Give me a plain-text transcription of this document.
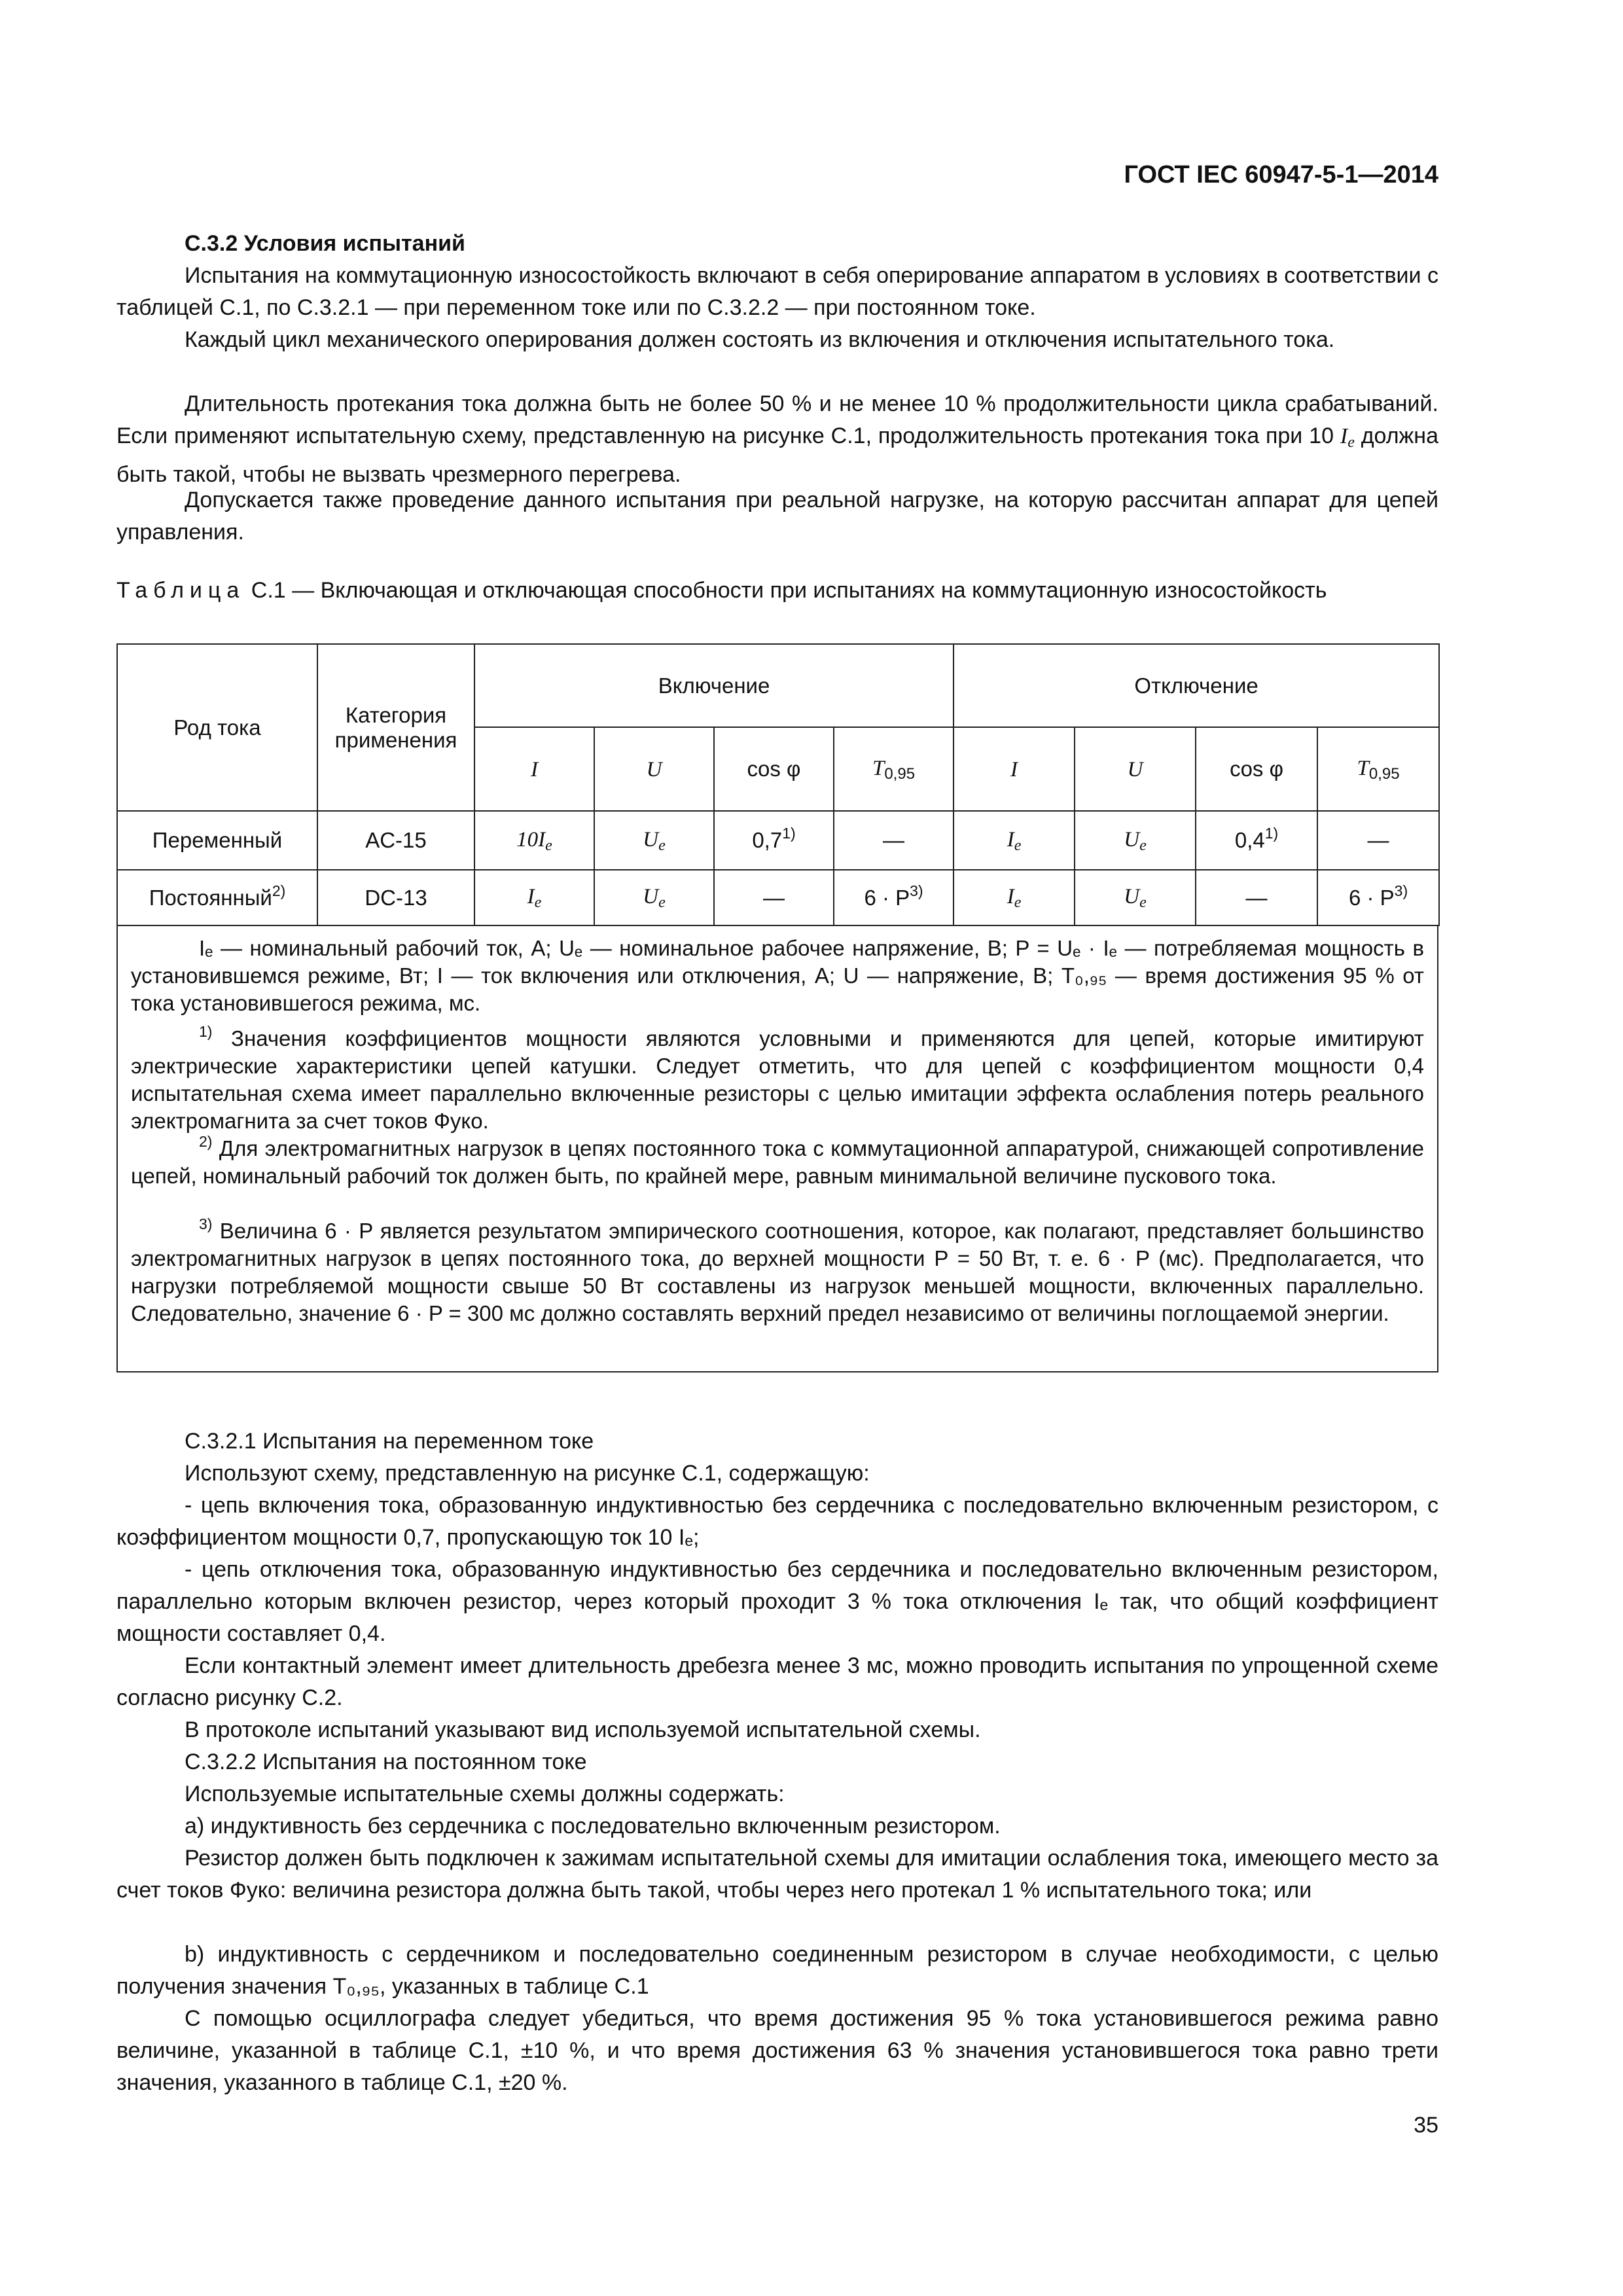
ГОСТ IEC 60947-5-1—2014

С.3.2 Условия испытаний

Испытания на коммутационную износостойкость включают в себя оперирование аппаратом в условиях в соответствии с таблицей С.1, по С.3.2.1 — при переменном токе или по С.3.2.2 — при постоянном токе.

Каждый цикл механического оперирования должен состоять из включения и отключения испытательного тока.

Длительность протекания тока должна быть не более 50 % и не менее 10 % продолжительности цикла срабатываний. Если применяют испытательную схему, представленную на рисунке С.1, продолжительность протекания тока при 10 $I_e$ должна быть такой, чтобы не вызвать чрезмерного перегрева.

Допускается также проведение данного испытания при реальной нагрузке, на которую рассчитан аппарат для цепей управления.

Таблица С.1 — Включающая и отключающая способности при испытаниях на коммутационную износостойкость

Род тока	Категория применения	Включение				Отключение			
		I	U	cos φ	$T_{0,95}$	I	U	cos φ	$T_{0,95}$
Переменный	AC-15	$10I_e$	$U_e$	0,7$^{1)}$	—	$I_e$	$U_e$	0,4$^{1)}$	—
Постоянный$^{2)}$	DC-13	$I_e$	$U_e$	—	$6 \cdot P^{3)}$	$I_e$	$U_e$	—	$6 \cdot P^{3)}$

Iₑ — номинальный рабочий ток, А; Uₑ — номинальное рабочее напряжение, В; P = Uₑ · Iₑ — потребляемая мощность в установившемся режиме, Вт; I — ток включения или отключения, А; U — напряжение, В; T₀,₉₅ — время достижения 95 % от тока установившегося режима, мс.

$^{1)}$ Значения коэффициентов мощности являются условными и применяются для цепей, которые имитируют электрические характеристики цепей катушки. Следует отметить, что для цепей с коэффициентом мощности 0,4 испытательная схема имеет параллельно включенные резисторы с целью имитации эффекта ослабления потерь реального электромагнита за счет токов Фуко.

$^{2)}$ Для электромагнитных нагрузок в цепях постоянного тока с коммутационной аппаратурой, снижающей сопротивление цепей, номинальный рабочий ток должен быть, по крайней мере, равным минимальной величине пускового тока.

$^{3)}$ Величина 6 · P является результатом эмпирического соотношения, которое, как полагают, представляет большинство электромагнитных нагрузок в цепях постоянного тока, до верхней мощности P = 50 Вт, т. е. 6 · P (мс). Предполагается, что нагрузки потребляемой мощности свыше 50 Вт составлены из нагрузок меньшей мощности, включенных параллельно. Следовательно, значение 6 · P = 300 мс должно составлять верхний предел независимо от величины поглощаемой энергии.

С.3.2.1 Испытания на переменном токе

Используют схему, представленную на рисунке С.1, содержащую:

- цепь включения тока, образованную индуктивностью без сердечника с последовательно включенным резистором, с коэффициентом мощности 0,7, пропускающую ток 10 Iₑ;

- цепь отключения тока, образованную индуктивностью без сердечника и последовательно включенным резистором, параллельно которым включен резистор, через который проходит 3 % тока отключения Iₑ так, что общий коэффициент мощности составляет 0,4.

Если контактный элемент имеет длительность дребезга менее 3 мс, можно проводить испытания по упрощенной схеме согласно рисунку С.2.

В протоколе испытаний указывают вид используемой испытательной схемы.

С.3.2.2 Испытания на постоянном токе

Используемые испытательные схемы должны содержать:

a) индуктивность без сердечника с последовательно включенным резистором.

Резистор должен быть подключен к зажимам испытательной схемы для имитации ослабления тока, имеющего место за счет токов Фуко: величина резистора должна быть такой, чтобы через него протекал 1 % испытательного тока; или

b) индуктивность с сердечником и последовательно соединенным резистором в случае необходимости, с целью получения значения T₀,₉₅, указанных в таблице С.1

С помощью осциллографа следует убедиться, что время достижения 95 % тока установившегося режима равно величине, указанной в таблице С.1, ±10 %, и что время достижения 63 % значения установившегося тока равно трети значения, указанного в таблице С.1, ±20 %.

35
